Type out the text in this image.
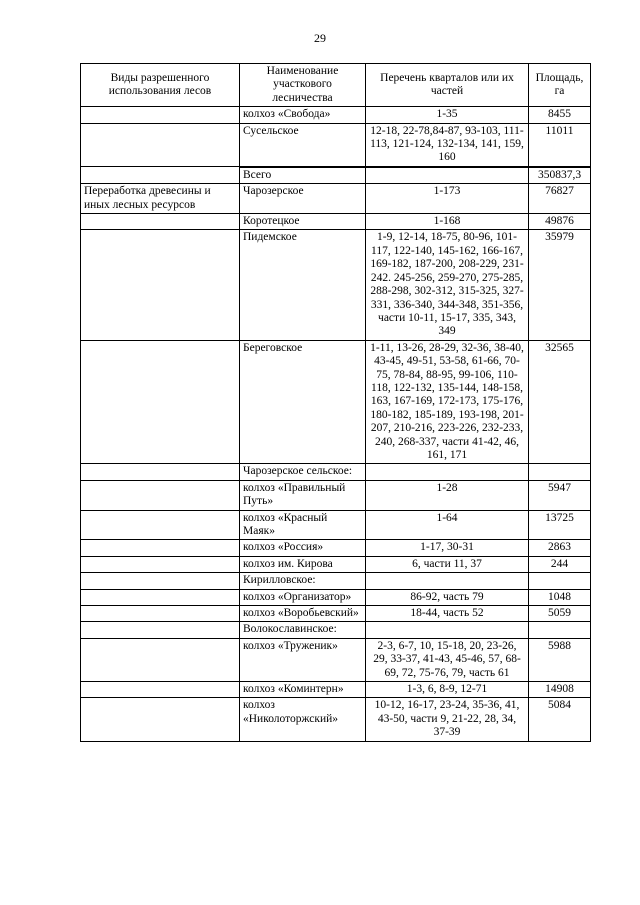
29
Виды разрешенного использования лесов	Наименование участкового лесничества	Перечень кварталов или их частей	Площадь, га
	колхоз «Свобода»	1-35	8455
	Сусельское	12-18, 22-78,84-87, 93-103, 111-113, 121-124, 132-134, 141, 159, 160	11011
	Всего		350837,3
Переработка древесины и иных лесных ресурсов	Чарозерское	1-173	76827
	Коротецкое	1-168	49876
	Пидемское	1-9, 12-14, 18-75, 80-96, 101-117, 122-140, 145-162, 166-167, 169-182, 187-200, 208-229, 231-242. 245-256, 259-270, 275-285, 288-298, 302-312, 315-325, 327-331, 336-340, 344-348, 351-356, части 10-11, 15-17, 335, 343, 349	35979
	Береговское	1-11, 13-26, 28-29, 32-36, 38-40, 43-45, 49-51, 53-58, 61-66, 70-75, 78-84, 88-95, 99-106, 110-118, 122-132, 135-144, 148-158, 163, 167-169, 172-173, 175-176, 180-182, 185-189, 193-198, 201-207, 210-216, 223-226, 232-233, 240, 268-337, части 41-42, 46, 161, 171	32565
	Чарозерское сельское:		
	колхоз «Правильный Путь»	1-28	5947
	колхоз «Красный Маяк»	1-64	13725
	колхоз «Россия»	1-17, 30-31	2863
	колхоз им. Кирова	6, части 11, 37	244
	Кирилловское:		
	колхоз «Организатор»	86-92, часть 79	1048
	колхоз «Воробьевский»	18-44, часть 52	5059
	Волокославинское:		
	колхоз «Труженик»	2-3, 6-7, 10, 15-18, 20, 23-26, 29, 33-37, 41-43, 45-46, 57, 68-69, 72, 75-76, 79, часть 61	5988
	колхоз «Коминтерн»	1-3, 6, 8-9, 12-71	14908
	колхоз «Николоторжский»	10-12, 16-17, 23-24, 35-36, 41, 43-50, части 9, 21-22, 28, 34, 37-39	5084
